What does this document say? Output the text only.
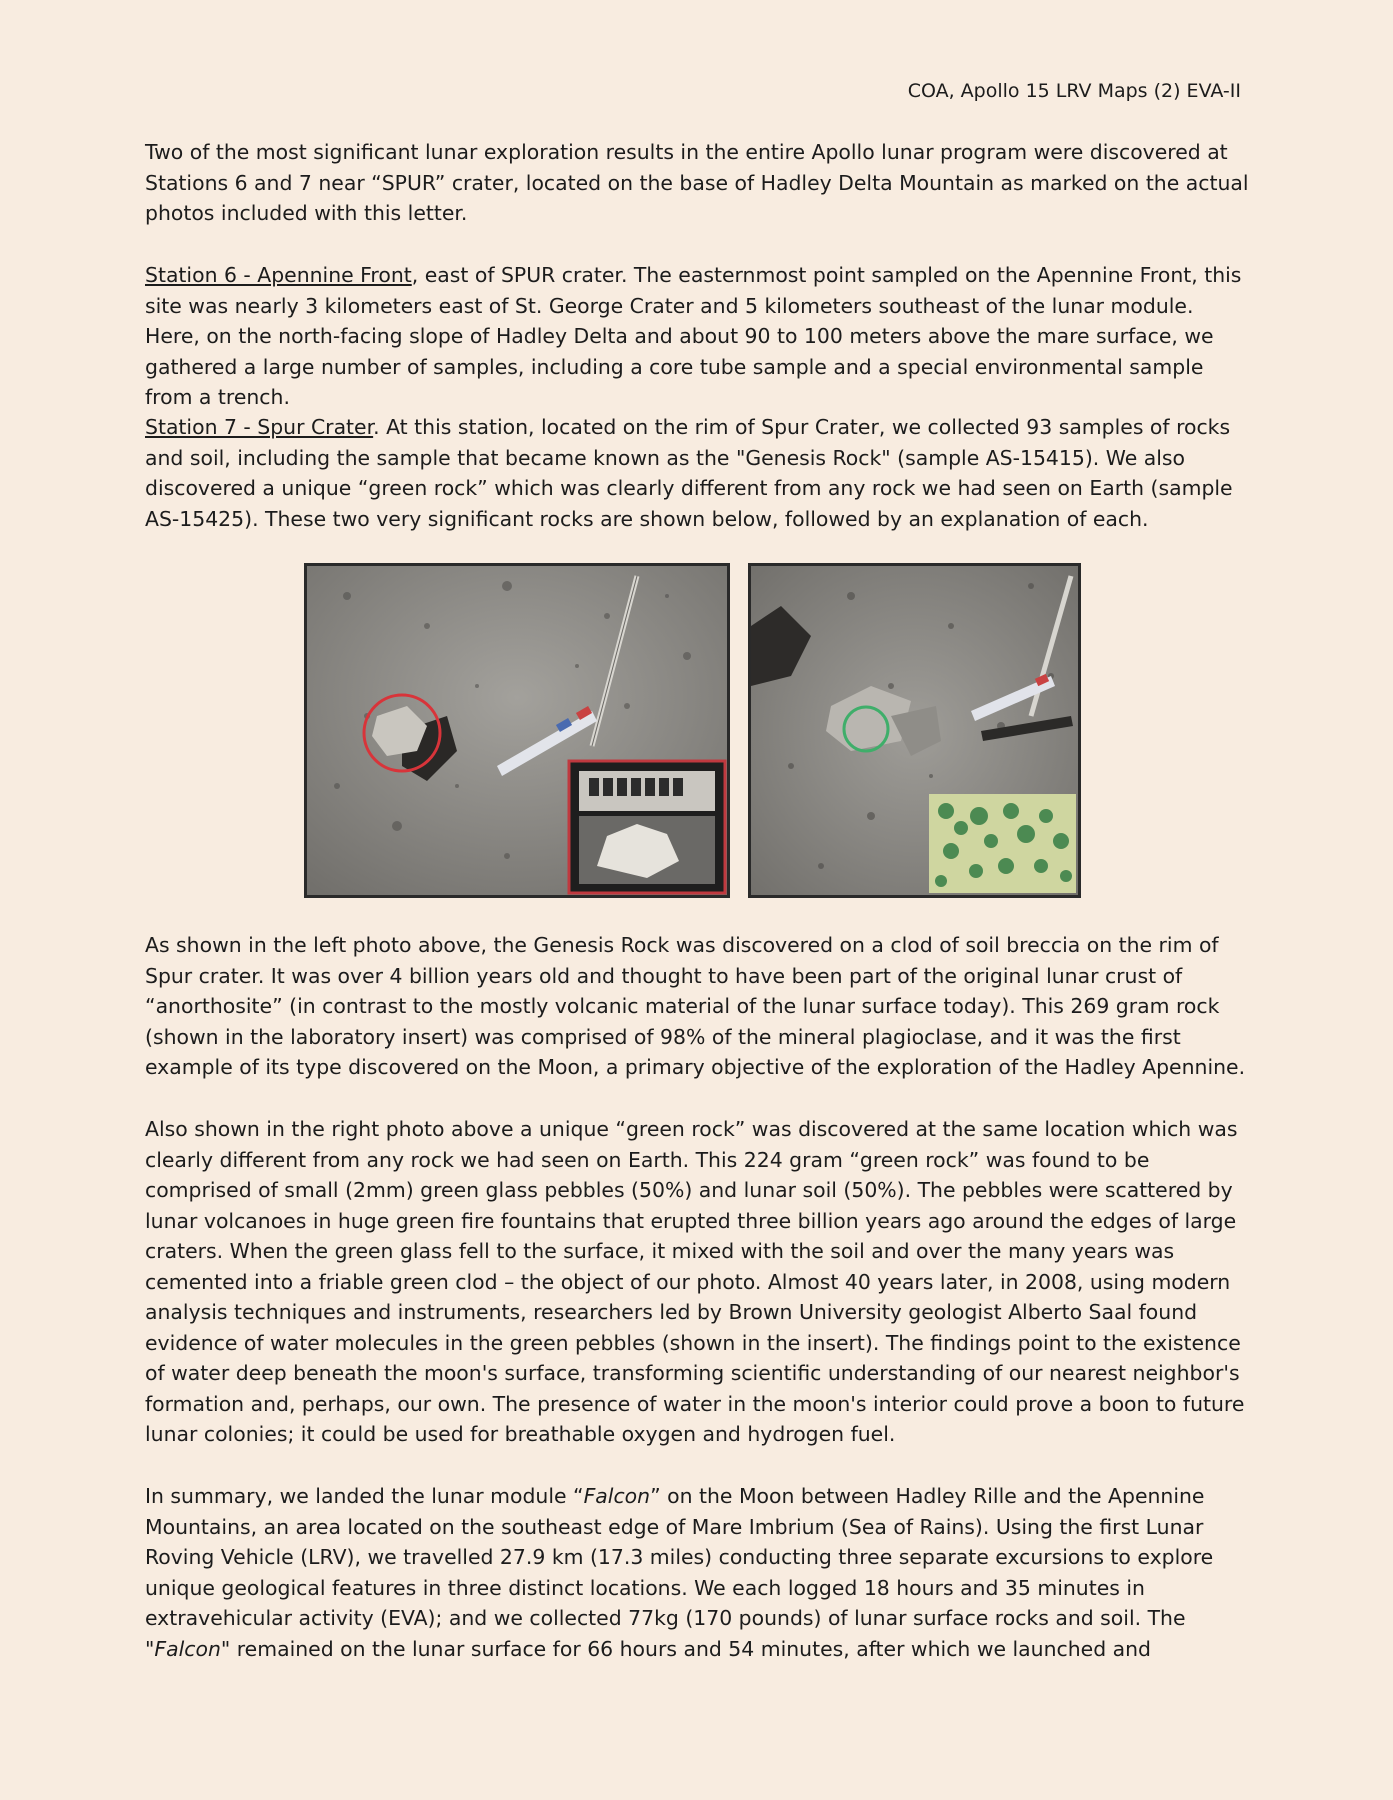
COA, Apollo 15 LRV Maps (2) EVA-II

Two of the most significant lunar exploration results in the entire Apollo lunar program were discovered at Stations 6 and 7 near “SPUR” crater, located on the base of Hadley Delta Mountain as marked on the actual photos included with this letter.

Station 6 - Apennine Front, east of SPUR crater. The easternmost point sampled on the Apennine Front, this site was nearly 3 kilometers east of St. George Crater and 5 kilometers southeast of the lunar module. Here, on the north-facing slope of Hadley Delta and about 90 to 100 meters above the mare surface, we gathered a large number of samples, including a core tube sample and a special environmental sample from a trench.

Station 7 - Spur Crater. At this station, located on the rim of Spur Crater, we collected 93 samples of rocks and soil, including the sample that became known as the "Genesis Rock" (sample AS-15415). We also discovered a unique “green rock” which was clearly different from any rock we had seen on Earth (sample AS-15425). These two very significant rocks are shown below, followed by an explanation of each.

As shown in the left photo above, the Genesis Rock was discovered on a clod of soil breccia on the rim of Spur crater. It was over 4 billion years old and thought to have been part of the original lunar crust of “anorthosite” (in contrast to the mostly volcanic material of the lunar surface today). This 269 gram rock (shown in the laboratory insert) was comprised of 98% of the mineral plagioclase, and it was the first example of its type discovered on the Moon, a primary objective of the exploration of the Hadley Apennine.

Also shown in the right photo above a unique “green rock” was discovered at the same location which was clearly different from any rock we had seen on Earth. This 224 gram “green rock” was found to be comprised of small (2mm) green glass pebbles (50%) and lunar soil (50%). The pebbles were scattered by lunar volcanoes in huge green fire fountains that erupted three billion years ago around the edges of large craters. When the green glass fell to the surface, it mixed with the soil and over the many years was cemented into a friable green clod – the object of our photo. Almost 40 years later, in 2008, using modern analysis techniques and instruments, researchers led by Brown University geologist Alberto Saal found evidence of water molecules in the green pebbles (shown in the insert). The findings point to the existence of water deep beneath the moon's surface, transforming scientific understanding of our nearest neighbor's formation and, perhaps, our own. The presence of water in the moon's interior could prove a boon to future lunar colonies; it could be used for breathable oxygen and hydrogen fuel.

In summary, we landed the lunar module “Falcon” on the Moon between Hadley Rille and the Apennine Mountains, an area located on the southeast edge of Mare Imbrium (Sea of Rains). Using the first Lunar Roving Vehicle (LRV), we travelled 27.9 km (17.3 miles) conducting three separate excursions to explore unique geological features in three distinct locations. We each logged 18 hours and 35 minutes in extravehicular activity (EVA); and we collected 77kg (170 pounds) of lunar surface rocks and soil. The "Falcon" remained on the lunar surface for 66 hours and 54 minutes, after which we launched and
